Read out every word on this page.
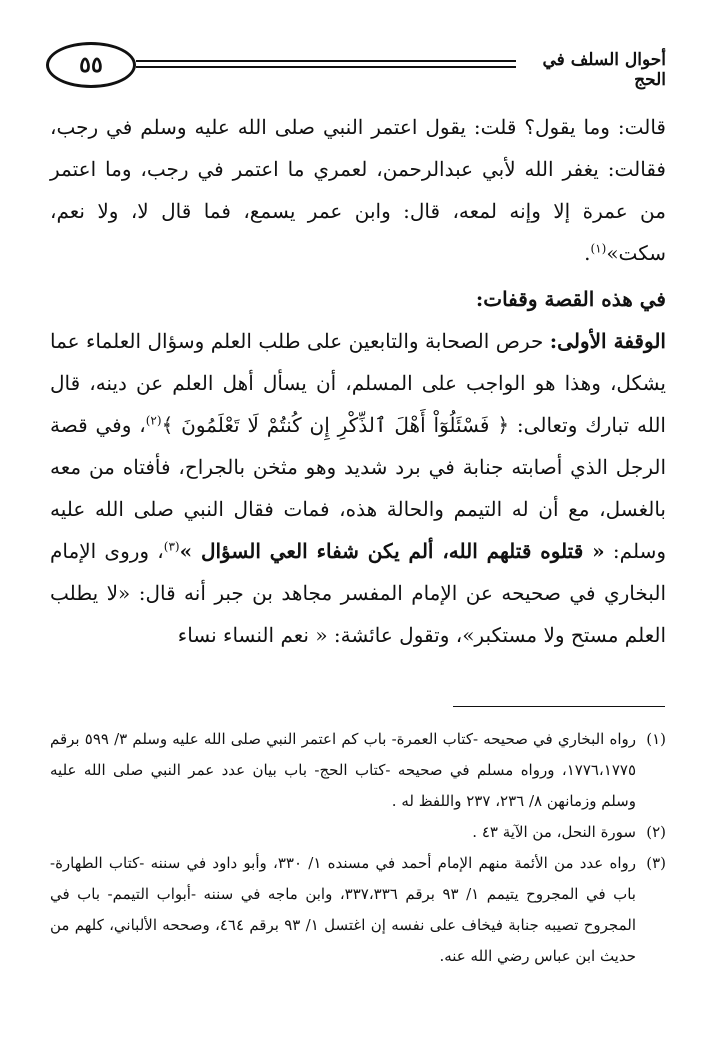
٥٥	أحوال السلف في الحج

قالت: وما يقول؟ قلت: يقول اعتمر النبي صلى الله عليه وسلم في رجب، فقالت: يغفر الله لأبي عبدالرحمن، لعمري ما اعتمر في رجب، وما اعتمر من عمرة إلا وإنه لمعه، قال: وابن عمر يسمع، فما قال لا، ولا نعم، سكت»$^{(١)}$.

في هذه القصة وقفات:

الوقفة الأولى: حرص الصحابة والتابعين على طلب العلم وسؤال العلماء عما يشكل، وهذا هو الواجب على المسلم، أن يسأل أهل العلم عن دينه، قال الله تبارك وتعالى: ﴿ فَسْئَلُوٓاْ أَهْلَ ٱلذِّكْرِ إِن كُنتُمْ لَا تَعْلَمُونَ ﴾$^{(٢)}$، وفي قصة الرجل الذي أصابته جنابة في برد شديد وهو مثخن بالجراح، فأفتاه من معه بالغسل، مع أن له التيمم والحالة هذه، فمات فقال النبي صلى الله عليه وسلم: « قتلوه قتلهم الله، ألم يكن شفاء العي السؤال »$^{(٣)}$، وروى الإمام البخاري في صحيحه عن الإمام المفسر مجاهد بن جبر أنه قال: «لا يطلب العلم مستح ولا مستكبر»، وتقول عائشة: « نعم النساء نساء

(١)
رواه البخاري في صحيحه -كتاب العمرة- باب كم اعتمر النبي صلى الله عليه وسلم ٣/ ٥٩٩ برقم ١٧٧٦،١٧٧٥، ورواه مسلم في صحيحه -كتاب الحج- باب بيان عدد عمر النبي صلى الله عليه وسلم وزمانهن ٨/ ٢٣٦، ٢٣٧ واللفظ له .
(٢)
سورة النحل، من الآية ٤٣ .
(٣)
رواه عدد من الأئمة منهم الإمام أحمد في مسنده ١/ ٣٣٠، وأبو داود في سننه -كتاب الطهارة- باب في المجروح يتيمم ١/ ٩٣ برقم ٣٣٧،٣٣٦، وابن ماجه في سننه -أبواب التيمم- باب في المجروح تصيبه جنابة فيخاف على نفسه إن اغتسل ١/ ٩٣ برقم ٤٦٤، وصححه الألباني، كلهم من حديث ابن عباس رضي الله عنه.
